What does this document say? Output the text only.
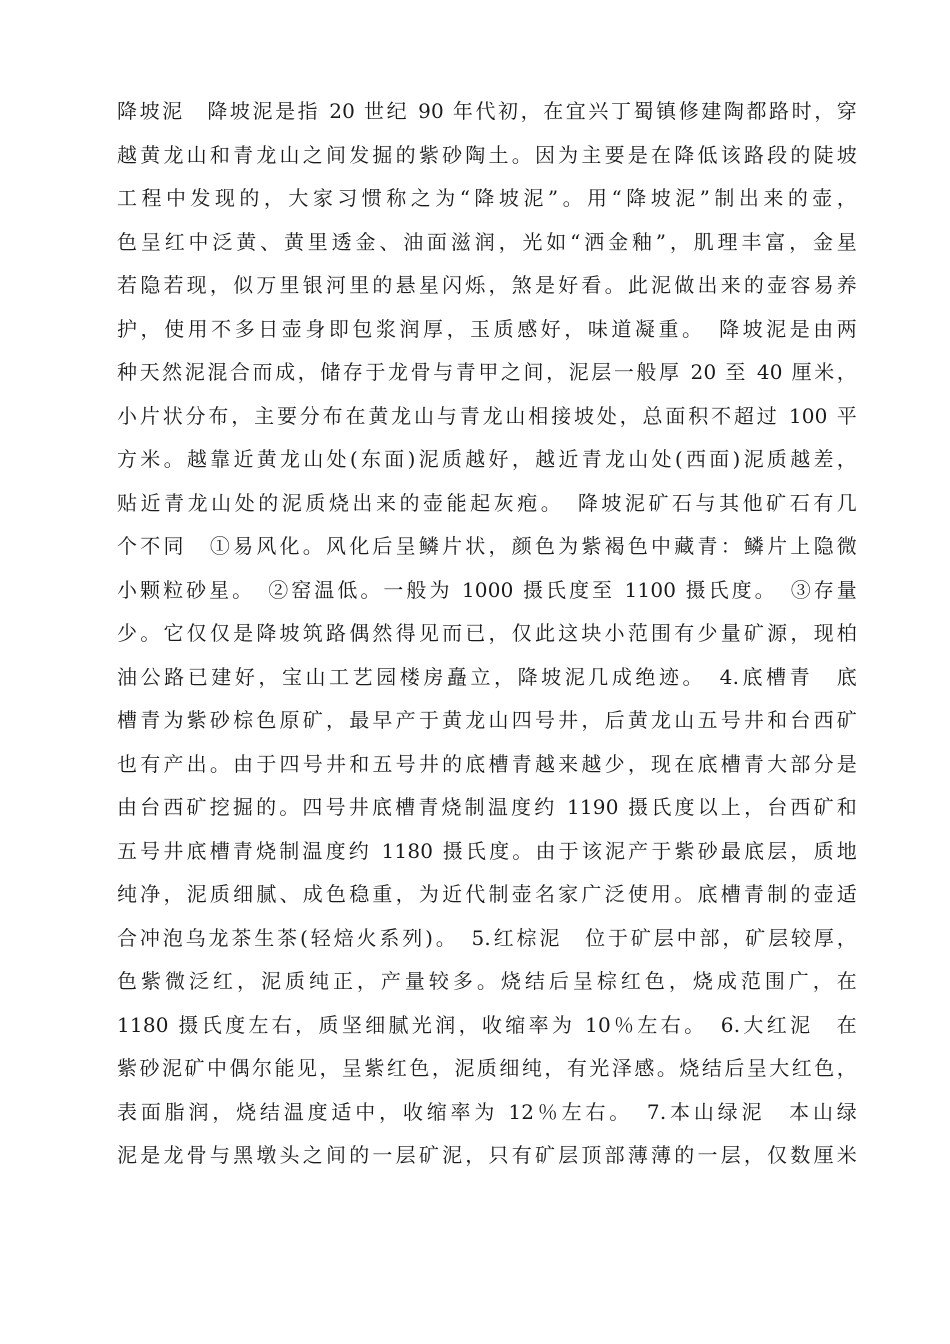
降坡泥　降坡泥是指 20 世纪 90 年代初，在宜兴丁蜀镇修建陶都路时，穿
越黄龙山和青龙山之间发掘的紫砂陶土。因为主要是在降低该路段的陡坡
工程中发现的，大家习惯称之为“降坡泥”。用“降坡泥”制出来的壶，
色呈红中泛黄、黄里透金、油面滋润，光如“洒金釉”，肌理丰富，金星
若隐若现，似万里银河里的悬星闪烁，煞是好看。此泥做出来的壶容易养
护，使用不多日壶身即包浆润厚，玉质感好，味道凝重。　降坡泥是由两
种天然泥混合而成，储存于龙骨与青甲之间，泥层一般厚 20 至 40 厘米，
小片状分布，主要分布在黄龙山与青龙山相接坡处，总面积不超过 100 平
方米。越靠近黄龙山处(东面)泥质越好，越近青龙山处(西面)泥质越差，
贴近青龙山处的泥质烧出来的壶能起灰疱。　降坡泥矿石与其他矿石有几
个不同　①易风化。风化后呈鳞片状，颜色为紫褐色中藏青：鳞片上隐微
小颗粒砂星。　②窑温低。一般为 1000 摄氏度至 1100 摄氏度。　③存量
少。它仅仅是降坡筑路偶然得见而已，仅此这块小范围有少量矿源，现柏
油公路已建好，宝山工艺园楼房矗立，降坡泥几成绝迹。　4.底槽青　底
槽青为紫砂棕色原矿，最早产于黄龙山四号井，后黄龙山五号井和台西矿
也有产出。由于四号井和五号井的底槽青越来越少，现在底槽青大部分是
由台西矿挖掘的。四号井底槽青烧制温度约 1190 摄氏度以上，台西矿和
五号井底槽青烧制温度约 1180 摄氏度。由于该泥产于紫砂最底层，质地
纯净，泥质细腻、成色稳重，为近代制壶名家广泛使用。底槽青制的壶适
合冲泡乌龙茶生茶(轻焙火系列)。　5.红棕泥　位于矿层中部，矿层较厚，
色紫微泛红，泥质纯正，产量较多。烧结后呈棕红色，烧成范围广，在
1180 摄氏度左右，质坚细腻光润，收缩率为 10％左右。　6.大红泥　在
紫砂泥矿中偶尔能见，呈紫红色，泥质细纯，有光泽感。烧结后呈大红色，
表面脂润，烧结温度适中，收缩率为 12％左右。　7.本山绿泥　本山绿
泥是龙骨与黑墩头之间的一层矿泥，只有矿层顶部薄薄的一层，仅数厘米
